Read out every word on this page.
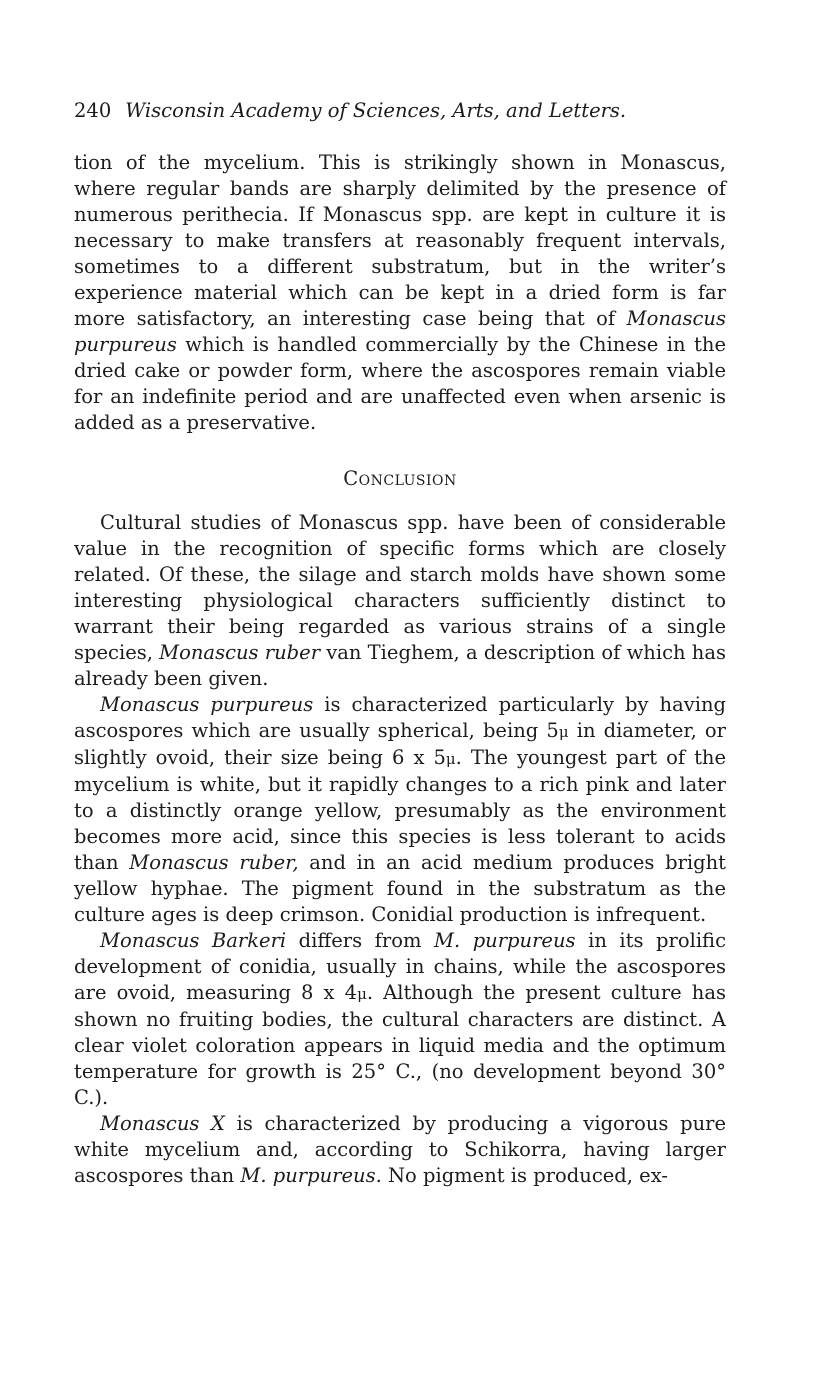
240 Wisconsin Academy of Sciences, Arts, and Letters.

tion of the mycelium. This is strikingly shown in Monascus, where regular bands are sharply delimited by the presence of numerous perithecia. If Monascus spp. are kept in culture it is necessary to make transfers at reasonably frequent intervals, sometimes to a different substratum, but in the writer’s experience material which can be kept in a dried form is far more satisfactory, an interesting case being that of Monascus purpureus which is handled commercially by the Chinese in the dried cake or powder form, where the ascospores remain viable for an indefinite period and are unaffected even when arsenic is added as a preservative.

Conclusion

Cultural studies of Monascus spp. have been of considerable value in the recognition of specific forms which are closely related. Of these, the silage and starch molds have shown some interesting physiological characters sufficiently distinct to warrant their being regarded as various strains of a single species, Monascus ruber van Tieghem, a description of which has already been given.

Monascus purpureus is characterized particularly by having ascospores which are usually spherical, being 5μ in diameter, or slightly ovoid, their size being 6 x 5μ. The youngest part of the mycelium is white, but it rapidly changes to a rich pink and later to a distinctly orange yellow, presumably as the environment becomes more acid, since this species is less tolerant to acids than Monascus ruber, and in an acid medium produces bright yellow hyphae. The pigment found in the substratum as the culture ages is deep crimson. Conidial production is infrequent.

Monascus Barkeri differs from M. purpureus in its prolific development of conidia, usually in chains, while the ascospores are ovoid, measuring 8 x 4μ. Although the present culture has shown no fruiting bodies, the cultural characters are distinct. A clear violet coloration appears in liquid media and the optimum temperature for growth is 25° C., (no development beyond 30° C.).

Monascus X is characterized by producing a vigorous pure white mycelium and, according to Schikorra, having larger ascospores than M. purpureus. No pigment is produced, ex-
